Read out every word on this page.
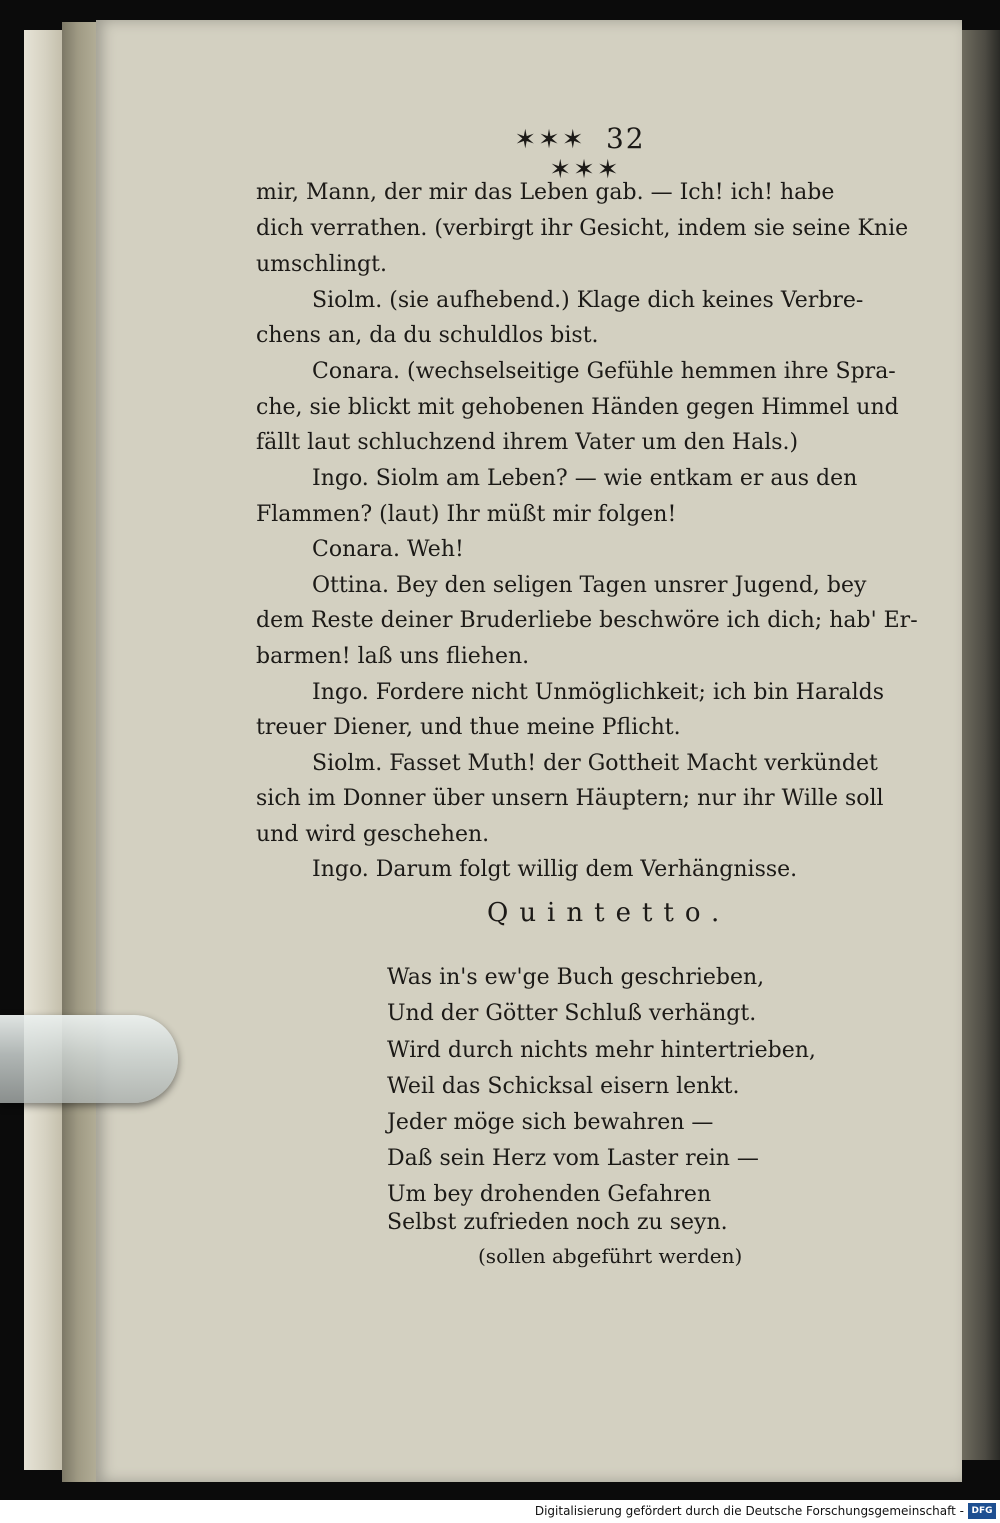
✶✶✶ 32 ✶✶✶
mir, Mann, der mir das Leben gab. — Ich! ich! habe
dich verrathen. (verbirgt ihr Gesicht, indem sie seine Knie
umschlingt.
Siolm. (sie aufhebend.) Klage dich keines Verbre-
chens an, da du schuldlos bist.
Conara. (wechselseitige Gefühle hemmen ihre Spra-
che, sie blickt mit gehobenen Händen gegen Himmel und
fällt laut schluchzend ihrem Vater um den Hals.)
Ingo. Siolm am Leben? — wie entkam er aus den
Flammen? (laut) Ihr müßt mir folgen!
Conara. Weh!
Ottina. Bey den seligen Tagen unsrer Jugend, bey
dem Reste deiner Bruderliebe beschwöre ich dich; hab' Er-
barmen! laß uns fliehen.
Ingo. Fordere nicht Unmöglichkeit; ich bin Haralds
treuer Diener, und thue meine Pflicht.
Siolm. Fasset Muth! der Gottheit Macht verkündet
sich im Donner über unsern Häuptern; nur ihr Wille soll
und wird geschehen.
Ingo. Darum folgt willig dem Verhängnisse.
Quintetto.
Was in's ew'ge Buch geschrieben,
Und der Götter Schluß verhängt.
Wird durch nichts mehr hintertrieben,
Weil das Schicksal eisern lenkt.
Jeder möge sich bewahren —
Daß sein Herz vom Laster rein —
Um bey drohenden Gefahren
Selbst zufrieden noch zu seyn.
(sollen abgeführt werden)
Digitalisierung gefördert durch die Deutsche Forschungsgemeinschaft - DFG
